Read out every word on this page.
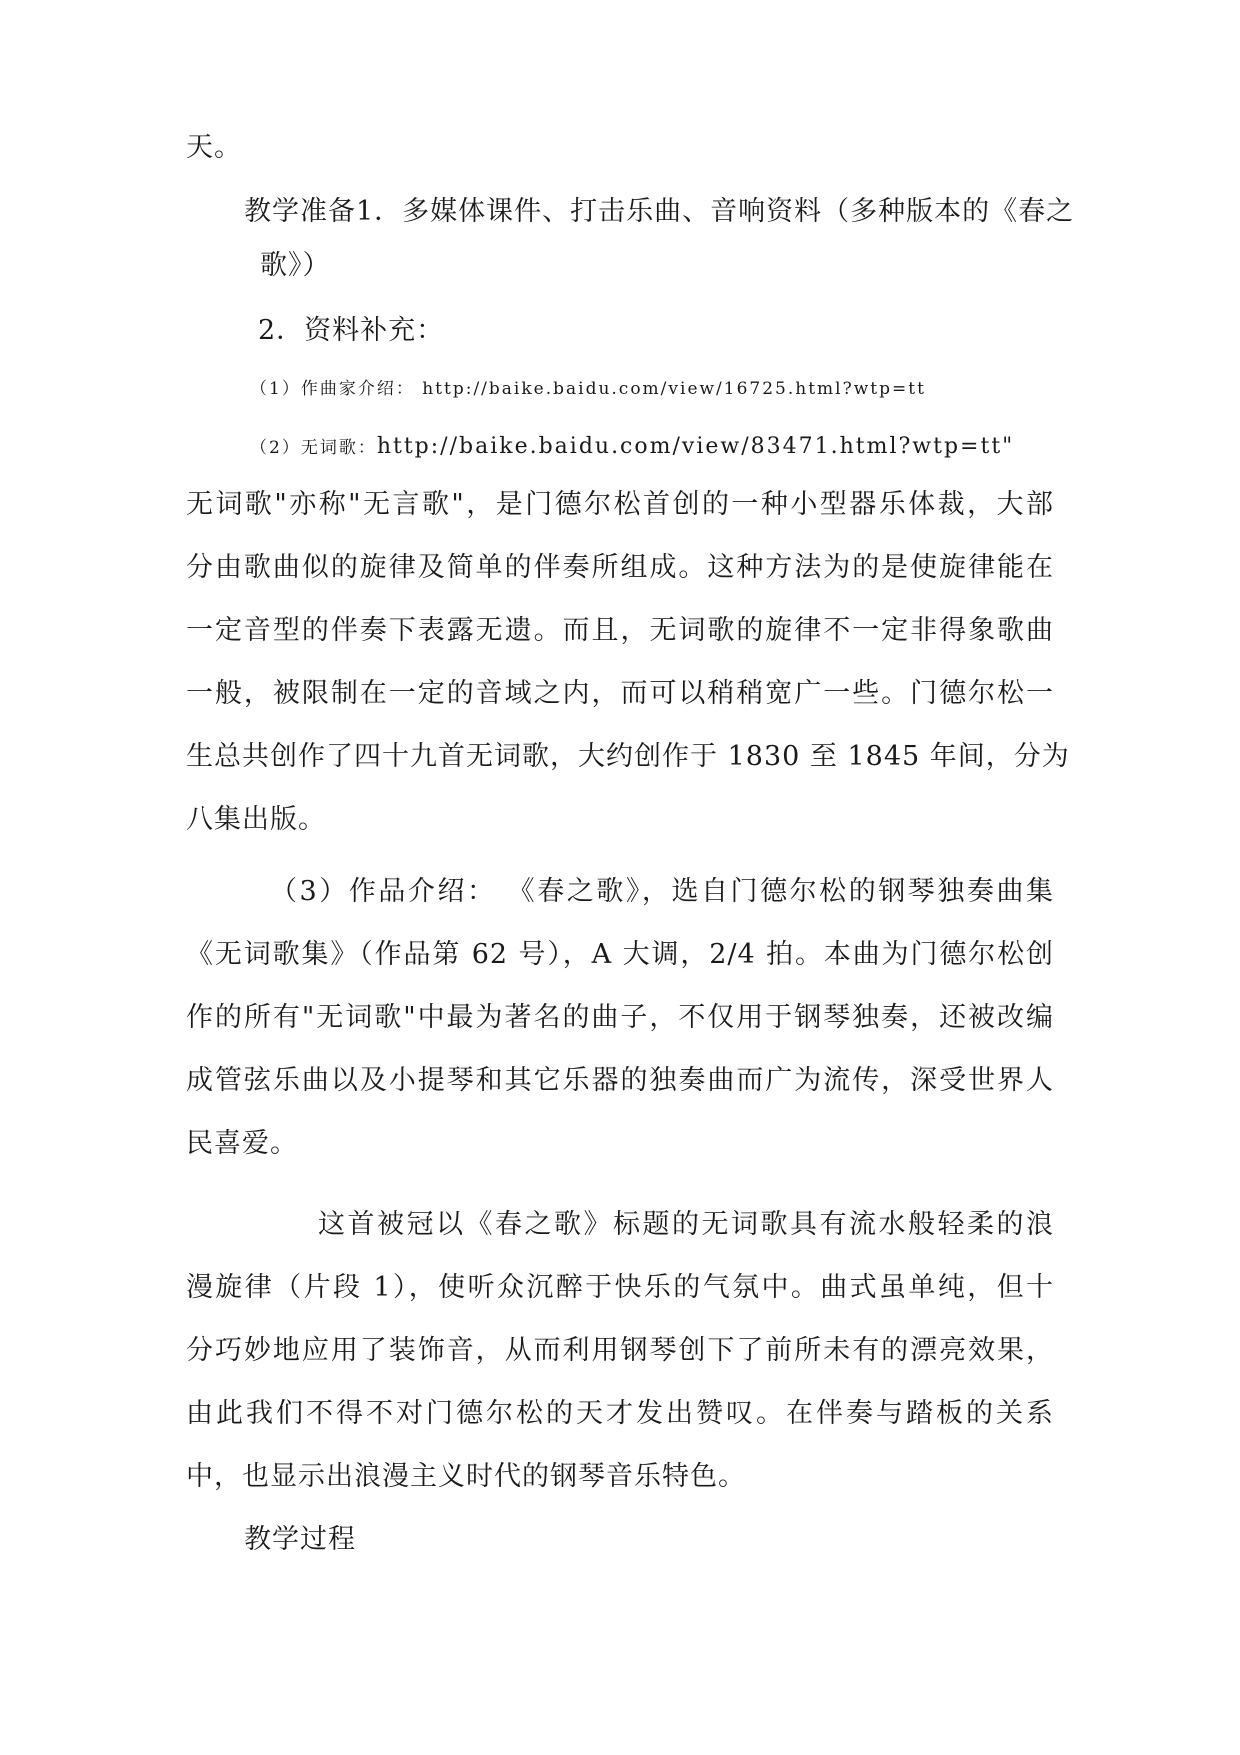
天。
教学准备1．多媒体课件、打击乐曲、音响资料（多种版本的《春之
歌》）
2．资料补充：
（1）作曲家介绍： http://baike.baidu.com/view/16725.html?wtp=tt
（2）无词歌：http://baike.baidu.com/view/83471.html?wtp=tt"
无词歌"亦称"无言歌"，是门德尔松首创的一种小型器乐体裁，大部
分由歌曲似的旋律及简单的伴奏所组成。这种方法为的是使旋律能在
一定音型的伴奏下表露无遗。而且，无词歌的旋律不一定非得象歌曲
一般，被限制在一定的音域之内，而可以稍稍宽广一些。门德尔松一
生总共创作了四十九首无词歌，大约创作于 1830 至 1845 年间，分为
八集出版。
（3）作品介绍： 《春之歌》，选自门德尔松的钢琴独奏曲集
《无词歌集》（作品第 62 号），A 大调，2/4 拍。本曲为门德尔松创
作的所有"无词歌"中最为著名的曲子，不仅用于钢琴独奏，还被改编
成管弦乐曲以及小提琴和其它乐器的独奏曲而广为流传，深受世界人
民喜爱。
这首被冠以《春之歌》标题的无词歌具有流水般轻柔的浪
漫旋律（片段 1），使听众沉醉于快乐的气氛中。曲式虽单纯，但十
分巧妙地应用了装饰音，从而利用钢琴创下了前所未有的漂亮效果，
由此我们不得不对门德尔松的天才发出赞叹。在伴奏与踏板的关系
中，也显示出浪漫主义时代的钢琴音乐特色。
教学过程
